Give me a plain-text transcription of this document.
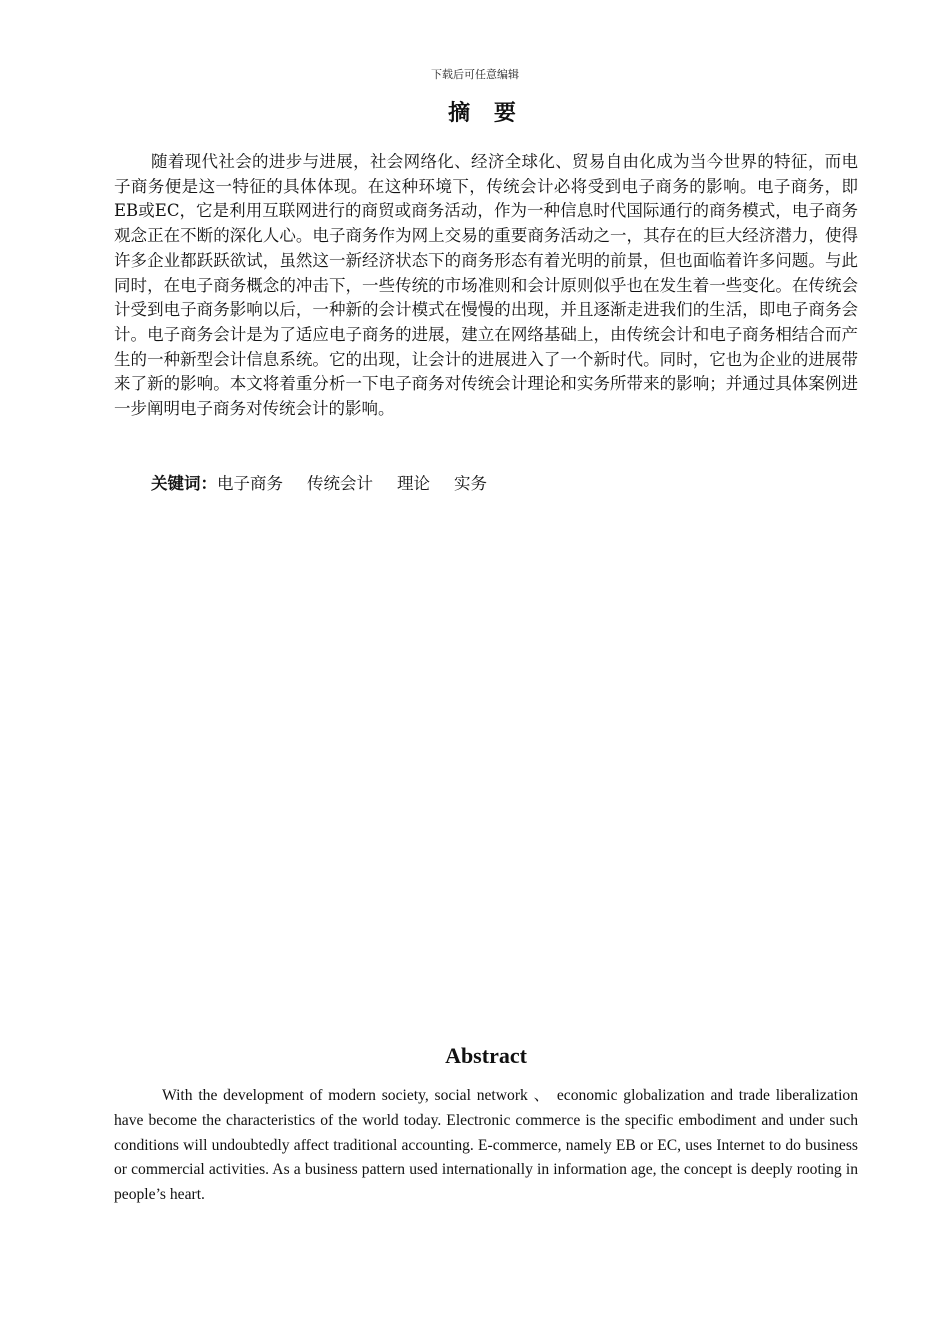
下载后可任意编辑
摘 要
随着现代社会的进步与进展，社会网络化、经济全球化、贸易自由化成为当今世界的特征，而电子商务便是这一特征的具体体现。在这种环境下，传统会计必将受到电子商务的影响。电子商务，即EB或EC，它是利用互联网进行的商贸或商务活动，作为一种信息时代国际通行的商务模式，电子商务观念正在不断的深化人心。电子商务作为网上交易的重要商务活动之一，其存在的巨大经济潜力，使得许多企业都跃跃欲试，虽然这一新经济状态下的商务形态有着光明的前景，但也面临着许多问题。与此同时，在电子商务概念的冲击下，一些传统的市场准则和会计原则似乎也在发生着一些变化。在传统会计受到电子商务影响以后，一种新的会计模式在慢慢的出现，并且逐渐走进我们的生活，即电子商务会计。电子商务会计是为了适应电子商务的进展，建立在网络基础上，由传统会计和电子商务相结合而产生的一种新型会计信息系统。它的出现，让会计的进展进入了一个新时代。同时，它也为企业的进展带来了新的影响。本文将着重分析一下电子商务对传统会计理论和实务所带来的影响；并通过具体案例进一步阐明电子商务对传统会计的影响。
关键词：电子商务 传统会计 理论 实务
Abstract
With the development of modern society, social network 、 economic globalization and trade liberalization have become the characteristics of the world today. Electronic commerce is the specific embodiment and under such conditions will undoubtedly affect traditional accounting. E-commerce, namely EB or EC, uses Internet to do business or commercial activities. As a business pattern used internationally in information age, the concept is deeply rooting in people’s heart.
